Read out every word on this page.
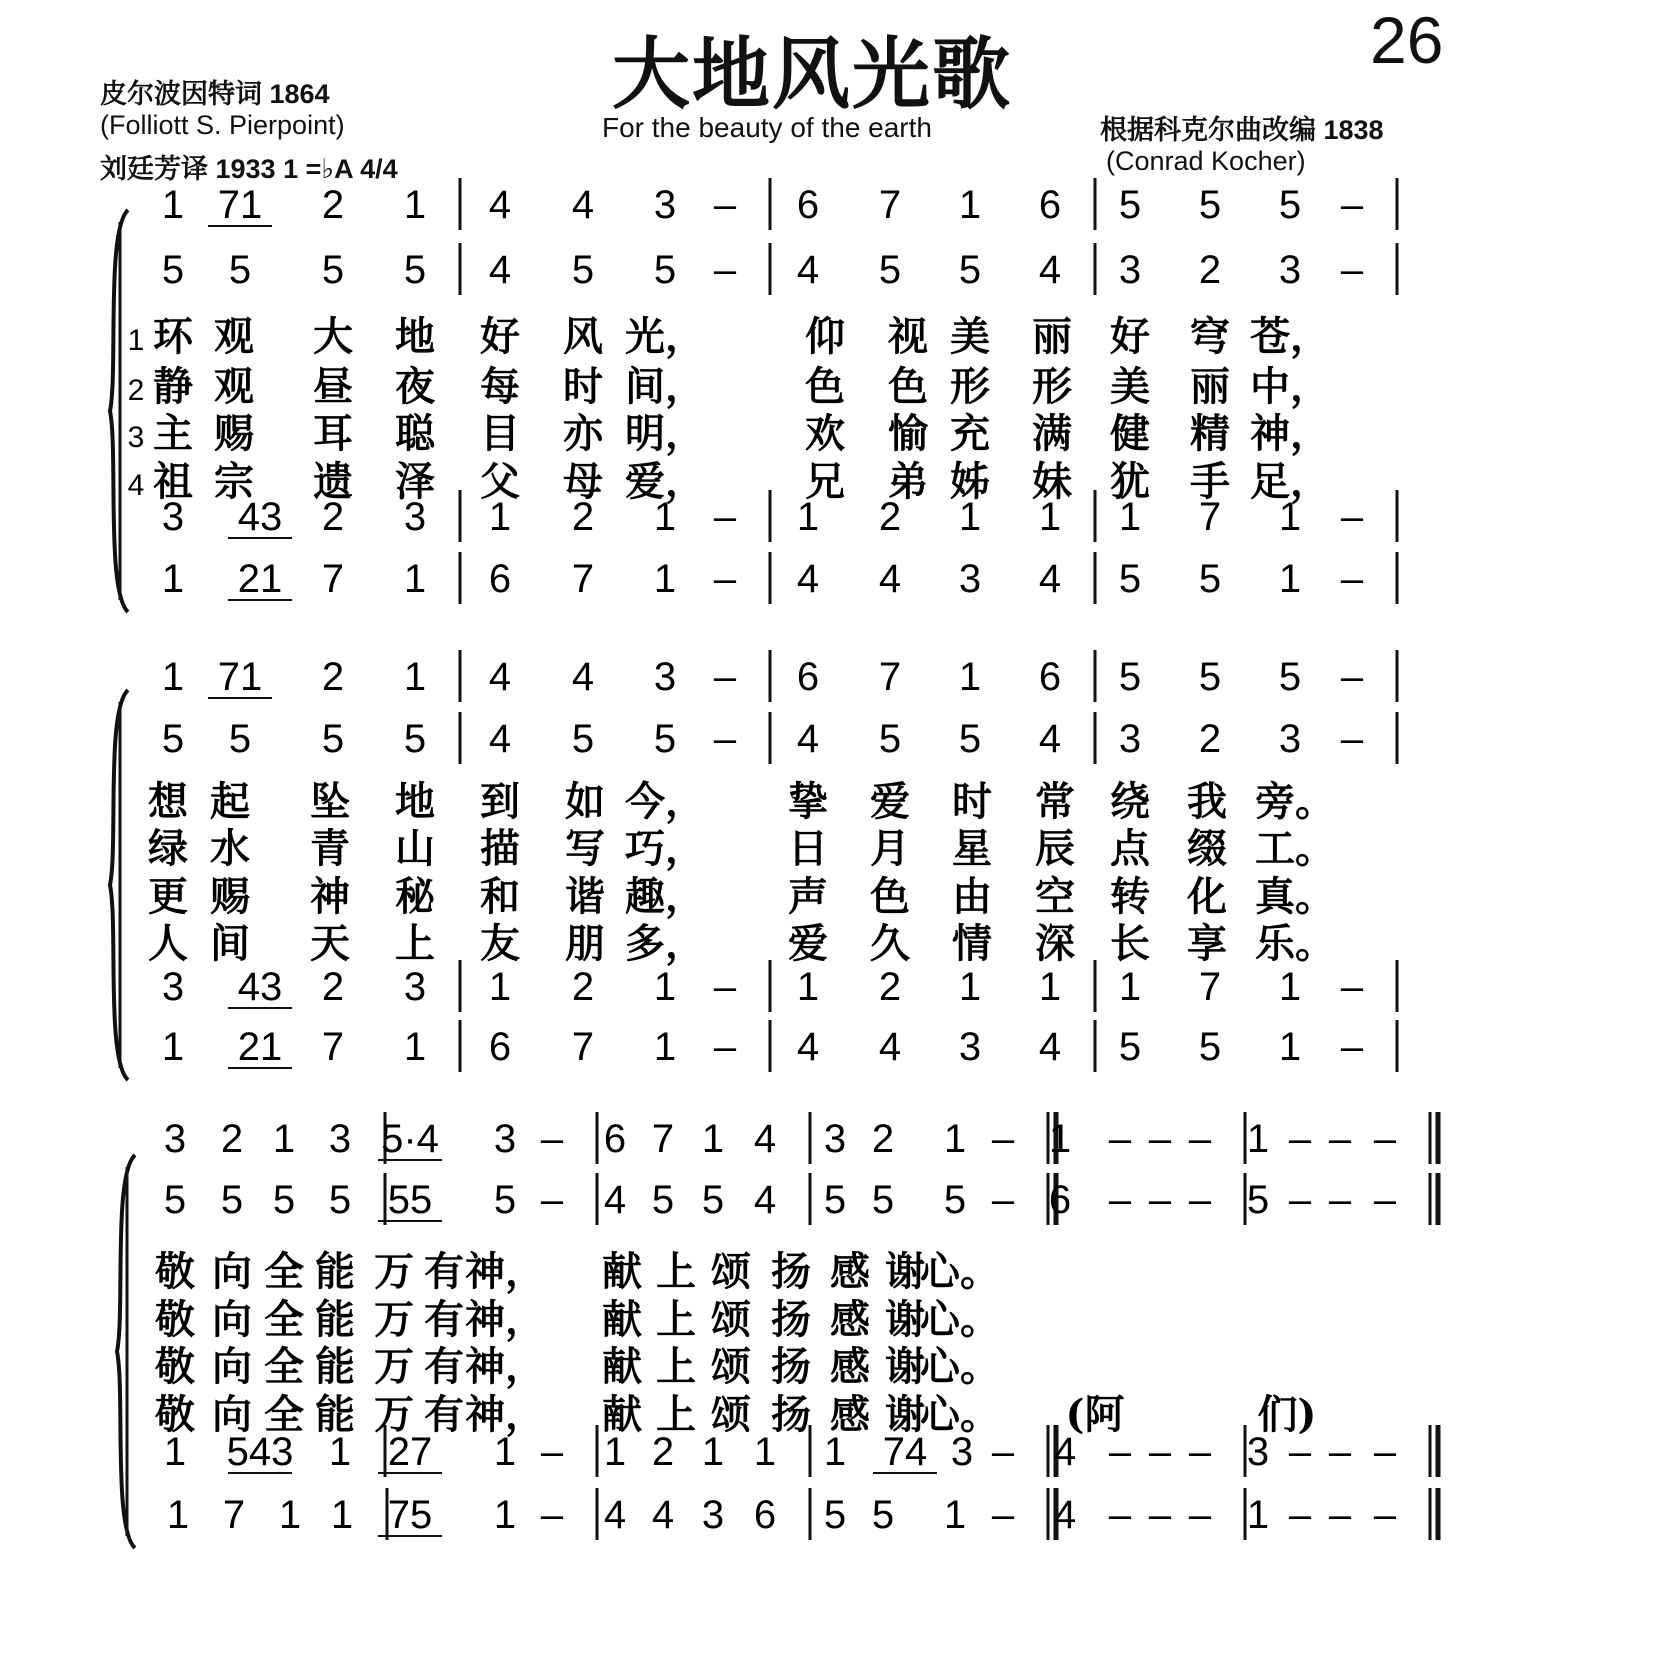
大地风光歌	26
皮尔波因特词 1864
(Folliott S. Pierpoint)
刘廷芳译 1933 1 =♭A 4/4
For the beauty of the earth	根据科克尔曲改编 1838
(Conrad Kocher)
1 71 2 1 4 4 3 – 6 7 1 6 5 5 5 –
5 5 5 5 4 5 5 – 4 5 5 4 3 2 3 –
3 43 2 3 1 2 1 – 1 2 1 1 1 7 1 –
1 21 7 1 6 7 1 – 4 4 3 4 5 5 1 –
1
2
3
4
环 观 大 地 好 风 光，	仰 视 美 丽 好 穹 苍，
静 观 昼 夜 每 时 间，	色 色 形 形 美 丽 中，
主 赐 耳 聪 目 亦 明，	欢 愉 充 满 健 精 神，
祖 宗 遗 泽 父 母 爱，	兄 弟 姊 妹 犹 手 足，
1 71 2 1 4 4 3 – 6 7 1 6 5 5 5 –
5 5 5 5 4 5 5 – 4 5 5 4 3 2 3 –
3 43 2 3 1 2 1 – 1 2 1 1 1 7 1 –
1 21 7 1 6 7 1 – 4 4 3 4 5 5 1 –
想 起 坠 地 到 如 今， 挚 爱 时 常 绕 我 旁。
绿 水 青 山 描 写 巧， 日 月 星 辰 点 缀 工。
更 赐 神 秘 和 谐 趣， 声 色 由 空 转 化 真。
人 间 天 上 友 朋 多， 爱 久 情 深 长 享 乐。
3 2 1 3 5·4 3 – 6 7 1 4 3 2 1 – 1 – – – 1 – – –
5 5 5 5 55 5 – 4 5 5 4 5 5 5 – 6 – – – 5 – – –
1 543 1 27 1 – 1 2 1 1 1 74 3 – 4 – – – 3 – – –
1 7 1 1 75 1 – 4 4 3 6 5 5 1 – 4 – – – 1 – – –
敬 向 全 能 万 有 神， 献 上 颂 扬 感 谢
心。
敬 向 全 能 万 有 神， 献 上 颂 扬 感 谢
心。
敬 向 全 能 万 有 神， 献 上 颂 扬 感 谢
心。
敬 向 全 能 万 有 神， 献 上 颂 扬 感 谢
心。 (阿	们)
